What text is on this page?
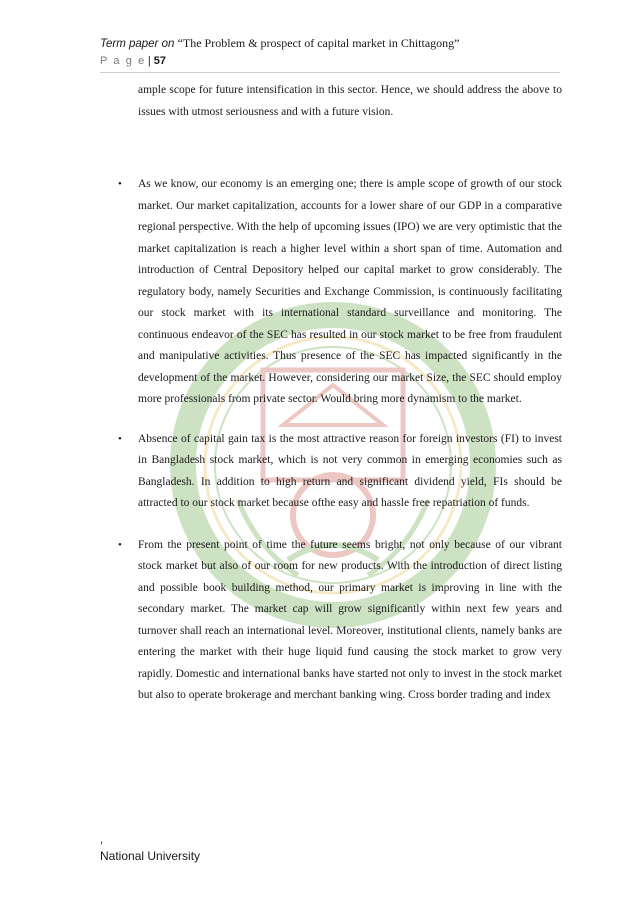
Term paper on “The Problem & prospect of capital market in Chittagong”
P a g e | 57

ample scope for future intensification in this sector. Hence, we should address the above to issues with utmost seriousness and with a future vision.

• As we know, our economy is an emerging one; there is ample scope of growth of our stock market. Our market capitalization, accounts for a lower share of our GDP in a comparative regional perspective. With the help of upcoming issues (IPO) we are very optimistic that the market capitalization is reach a higher level within a short span of time. Automation and introduction of Central Depository helped our capital market to grow considerably. The regulatory body, namely Securities and Exchange Commission, is continuously facilitating our stock market with its international standard surveillance and monitoring. The continuous endeavor of the SEC has resulted in our stock market to be free from fraudulent and manipulative activities. Thus presence of the SEC has impacted significantly in the development of the market. However, considering our market Size, the SEC should employ more professionals from private sector. Would bring more dynamism to the market.

• Absence of capital gain tax is the most attractive reason for foreign investors (FI) to invest in Bangladesh stock market, which is not very common in emerging economies such as Bangladesh. In addition to high return and significant dividend yield, FIs should be attracted to our stock market because ofthe easy and hassle free repatriation of funds.

• From the present point of time the future seems bright, not only because of our vibrant stock market but also of our room for new products. With the introduction of direct listing and possible book building method, our primary market is improving in line with the secondary market. The market cap will grow significantly within next few years and turnover shall reach an international level. Moreover, institutional clients, namely banks are entering the market with their huge liquid fund causing the stock market to grow very rapidly. Domestic and international banks have started not only to invest in the stock market but also to operate brokerage and merchant banking wing. Cross border trading and index

,
National University
